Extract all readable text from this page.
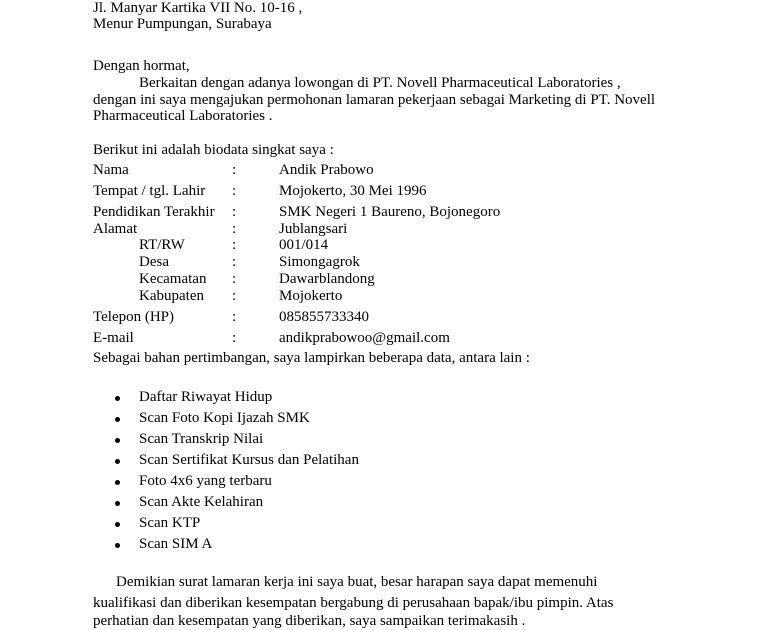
Jl. Manyar Kartika VII No. 10-16 ,
Menur Pumpungan, Surabaya
Dengan hormat,
Berkaitan dengan adanya lowongan di PT. Novell Pharmaceutical Laboratories ,
dengan ini saya mengajukan permohonan lamaran pekerjaan sebagai Marketing di PT. Novell
Pharmaceutical Laboratories .
Berikut ini adalah biodata singkat saya :
Nama	:	Andik Prabowo
Tempat / tgl. Lahir :	Mojokerto, 30 Mei 1996
Pendidikan Terakhir :	SMK Negeri 1 Baureno, Bojonegoro
Alamat	:	Jublangsari
RT/RW	:	001/014
Desa	:	Simongagrok
Kecamatan :	Dawarblandong
Kabupaten :	Mojokerto
Telepon (HP)	:	085855733340
E-mail	:	andikprabowoo@gmail.com
Sebagai bahan pertimbangan, saya lampirkan beberapa data, antara lain :
Daftar Riwayat Hidup
Scan Foto Kopi Ijazah SMK
Scan Transkrip Nilai
Scan Sertifikat Kursus dan Pelatihan
Foto 4x6 yang terbaru
Scan Akte Kelahiran
Scan KTP
Scan SIM A
Demikian surat lamaran kerja ini saya buat, besar harapan saya dapat memenuhi
kualifikasi dan diberikan kesempatan bergabung di perusahaan bapak/ibu pimpin. Atas
perhatian dan kesempatan yang diberikan, saya sampaikan terimakasih .
